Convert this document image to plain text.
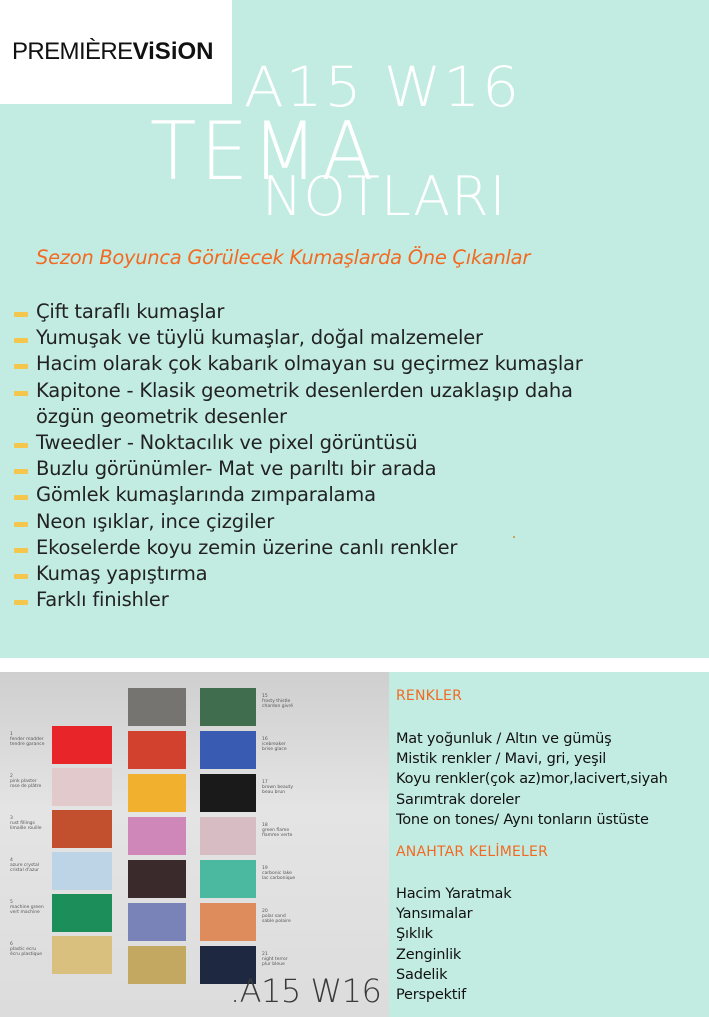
PREMIÈREViSiON
A15 W16
TEMA
NOTLARI
Sezon Boyunca Görülecek Kumaşlarda Öne Çıkanlar
Çift taraflı kumaşlar
Yumuşak ve tüylü kumaşlar, doğal malzemeler
Hacim olarak çok kabarık olmayan su geçirmez kumaşlar
Kapitone - Klasik geometrik desenlerden uzaklaşıp daha
özgün geometrik desenler
Tweedler - Noktacılık ve pixel görüntüsü
Buzlu görünümler- Mat ve parıltı bir arada
Gömlek kumaşlarında zımparalama
Neon ışıklar, ince çizgiler
Ekoselerde koyu zemin üzerine canlı renkler
Kumaş yapıştırma
Farklı finishler
1
fender madder
tendre garance
2
pink plaster
rose de plâtre
3
rust fillings
limaille rouille
4
azure crystal
cristal d'azur
5
machine green
vert machine
6
plastic ecru
écru plastique
15
frosty thistle
chardon givré
16
icebreaker
brise glace
17
brown beauty
beau brun
18
green flame
flamme verte
19
carbonic lake
lac carbonique
20
polar sand
sable polaire
21
night terror
plur bleue
.A15 W16
RENKLER
Mat yoğunluk / Altın ve gümüş
Mistik renkler / Mavi, gri, yeşil
Koyu renkler(çok az)mor,lacivert,siyah
Sarımtrak doreler
Tone on tones/ Aynı tonların üstüste
ANAHTAR KELİMELER
Hacim Yaratmak
Yansımalar
Şıklık
Zenginlik
Sadelik
Perspektif
